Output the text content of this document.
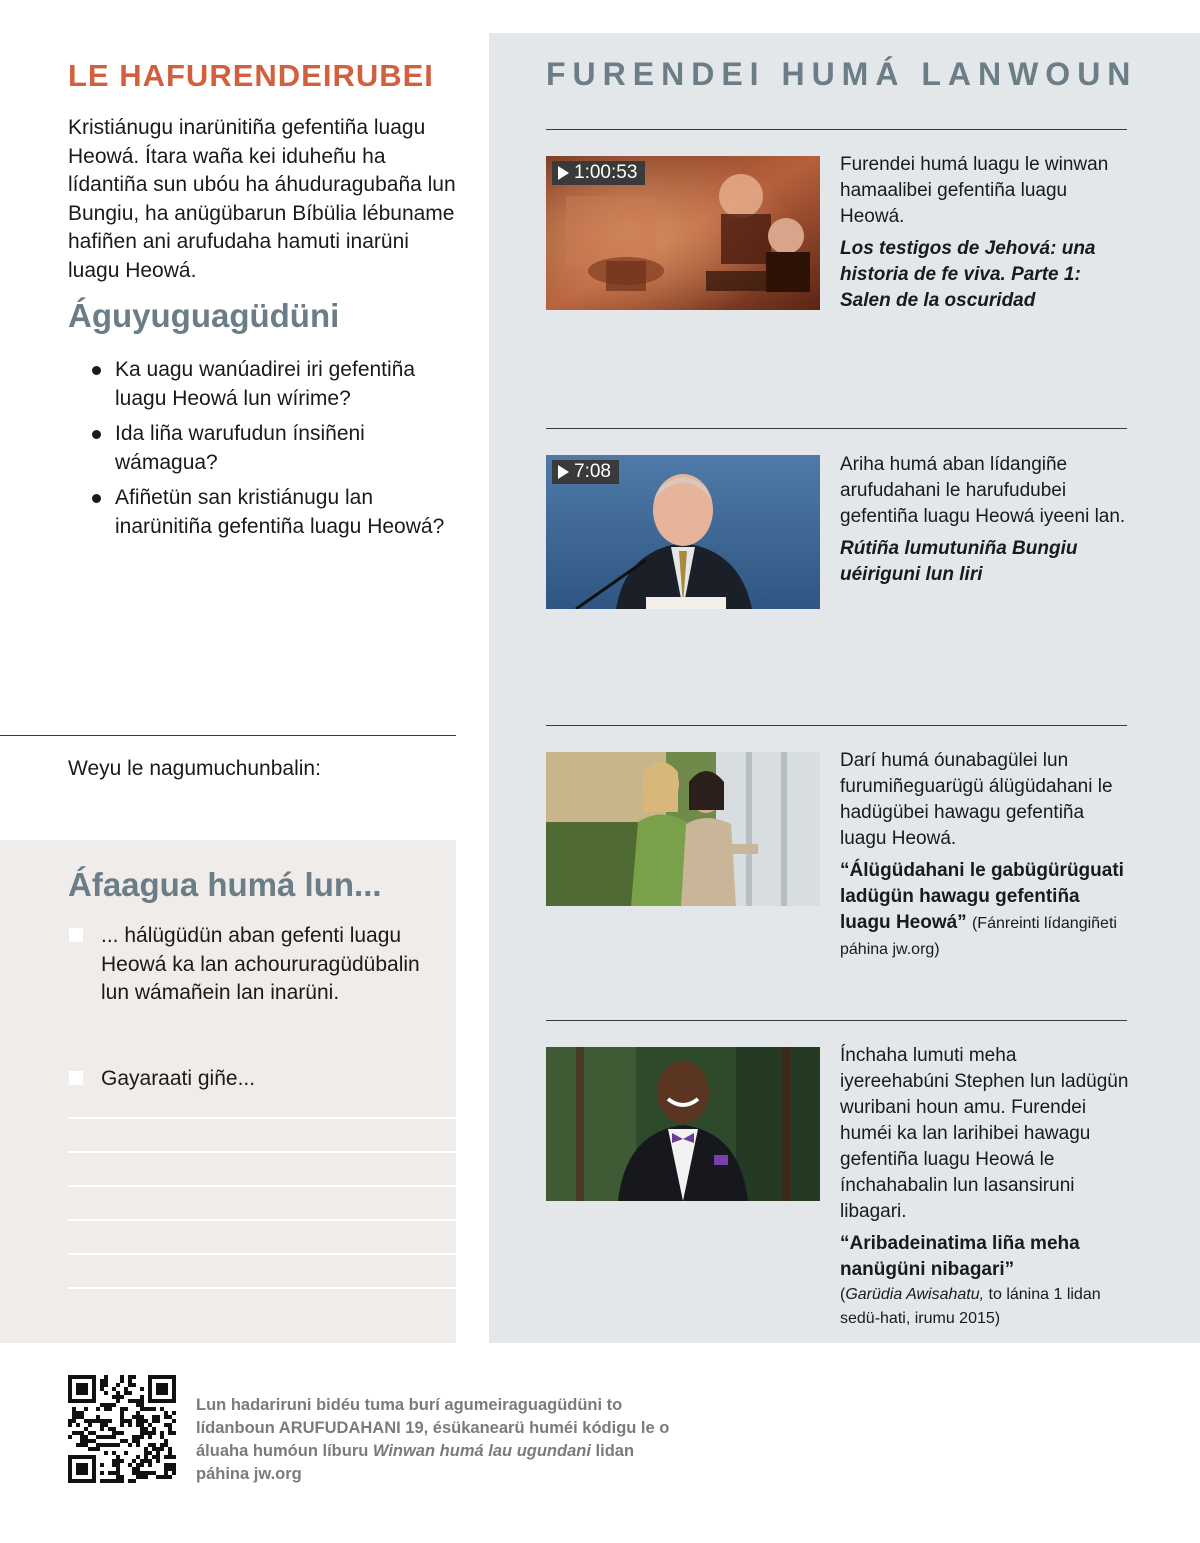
LE HAFURENDEIRUBEI

Kristiánugu inarünitiña gefentiña luagu Heowá. Ítara waña kei iduheñu ha lídantiña sun ubóu ha áhuduragubaña lun Bungiu, ha anügübarun Bíbülia lébuname hafiñen ani arufudaha hamuti inarüni luagu Heowá.

Águyuguagüdüni
Ka uagu wanúadirei iri gefentiña luagu Heowá lun wírime?
Ida liña warufudun ínsiñeni wámagua?
Afiñetün san kristiánugu lan inarünitiña gefentiña luagu Heowá?
Weyu le nagumuchunbalin:
Áfaagua humá lun...
... hálügüdün aban gefenti luagu Heowá ka lan achoururagüdübalin lun wámañein lan inarüni.
Gayaraati giñe...
FURENDEI HUMÁ LANWOUN
1:00:53	Furendei humá luagu le winwan hamaalibei gefentiña luagu Heowá.
Los testigos de Jehová: una historia de fe viva. Parte 1: Salen de la oscuridad
7:08	Ariha humá aban lídangiñe arufudahani le harufudubei gefentiña luagu Heowá iyeeni lan.
Rútiña lumutuniña Bungiu uéiriguni lun liri
Darí humá óunabagülei lun furumiñeguarügü álügüdahani le hadügübei hawagu gefentiña luagu Heowá.
“Álügüdahani le gabügürüguati ladügün hawagu gefentiña luagu Heowá” (Fánreinti lídangiñeti páhina jw.org)
Ínchaha lumuti meha iyereehabúni Stephen lun ladügün wuribani houn amu. Furendei huméi ka lan larihibei hawagu gefentiña luagu Heowá le ínchahabalin lun lasansiruni libagari.
“Aribadeinatima liña meha nanügüni nibagari”
(Garüdia Awisahatu, to lánina 1 lidan sedü-hati, irumu 2015)

Lun hadariruni bidéu tuma burí agumeiraguagüdüni to lídanboun ARUFUDAHANI 19, ésükanearü huméi kódigu le o áluaha humóun líburu Winwan humá lau ugundani lidan páhina jw.org
